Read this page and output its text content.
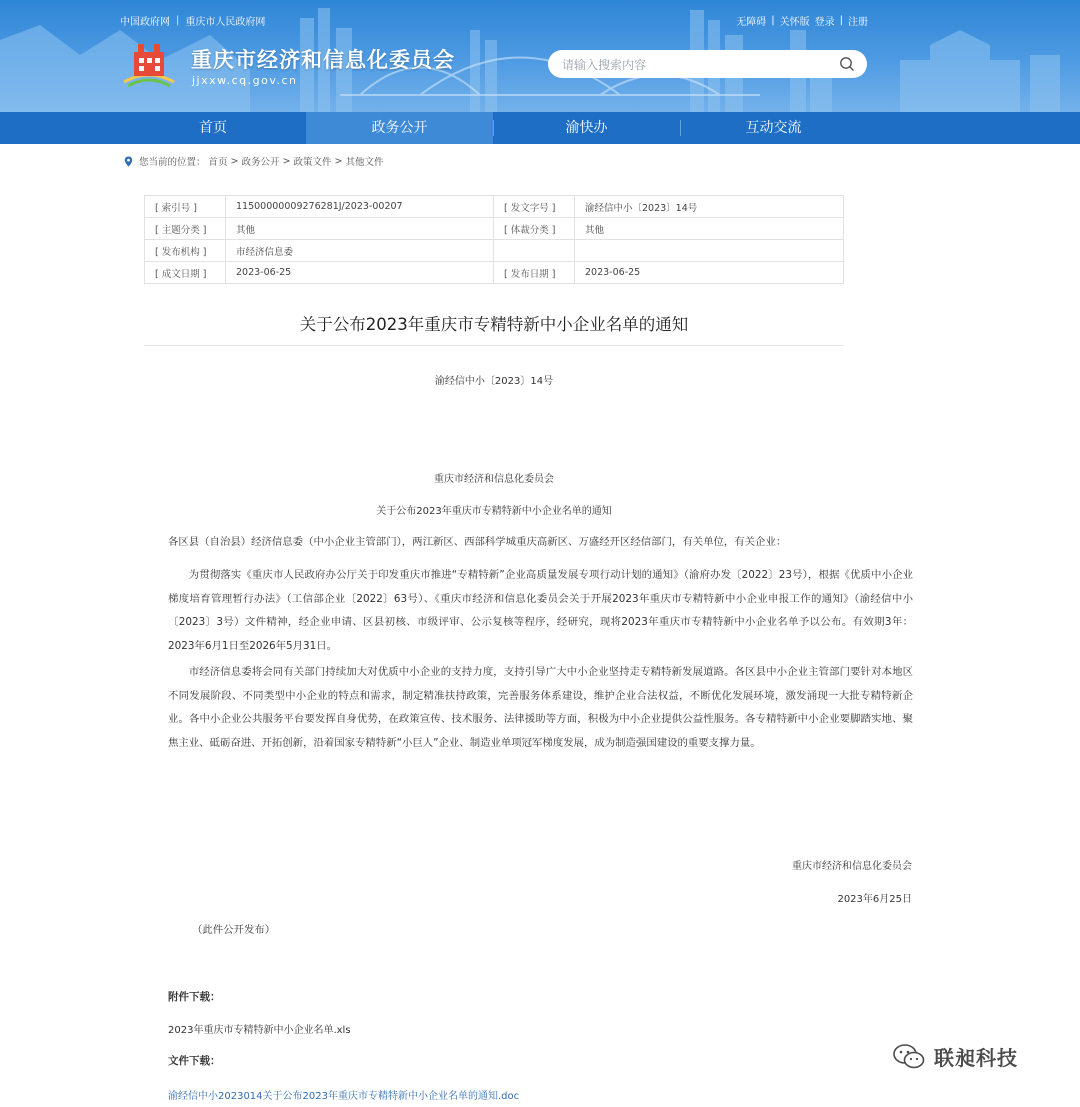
中国政府网 | 重庆市人民政府网	无障碍 | 关怀版 登录 | 注册
重庆市经济和信息化委员会
jjxxw.cq.gov.cn
请输入搜索内容
首页	政务公开	渝快办	互动交流
您当前的位置： 首页 > 政务公开 > 政策文件 > 其他文件
[ 索引号 ]	11500000009276281J/2023-00207	[ 发文字号 ]	渝经信中小〔2023〕14号
[ 主题分类 ]	其他	[ 体裁分类 ]	其他
[ 发布机构 ]	市经济信息委		
[ 成文日期 ]	2023-06-25	[ 发布日期 ]	2023-06-25
关于公布2023年重庆市专精特新中小企业名单的通知
渝经信中小〔2023〕14号
重庆市经济和信息化委员会
关于公布2023年重庆市专精特新中小企业名单的通知

各区县（自治县）经济信息委（中小企业主管部门），两江新区、西部科学城重庆高新区、万盛经开区经信部门，有关单位，有关企业：

为贯彻落实《重庆市人民政府办公厅关于印发重庆市推进“专精特新”企业高质量发展专项行动计划的通知》（渝府办发〔2022〕23号），根据《优质中小企业梯度培育管理暂行办法》（工信部企业〔2022〕63号）、《重庆市经济和信息化委员会关于开展2023年重庆市专精特新中小企业申报工作的通知》（渝经信中小〔2023〕3号）文件精神，经企业申请、区县初核、市级评审、公示复核等程序，经研究，现将2023年重庆市专精特新中小企业名单予以公布。有效期3年：2023年6月1日至2026年5月31日。

市经济信息委将会同有关部门持续加大对优质中小企业的支持力度，支持引导广大中小企业坚持走专精特新发展道路。各区县中小企业主管部门要针对本地区不同发展阶段、不同类型中小企业的特点和需求，制定精准扶持政策，完善服务体系建设，维护企业合法权益，不断优化发展环境，激发涌现一大批专精特新企业。各中小企业公共服务平台要发挥自身优势，在政策宣传、技术服务、法律援助等方面，积极为中小企业提供公益性服务。各专精特新中小企业要脚踏实地、聚焦主业、砥砺奋进、开拓创新，沿着国家专精特新“小巨人”企业、制造业单项冠军梯度发展，成为制造强国建设的重要支撑力量。

重庆市经济和信息化委员会
2023年6月25日
（此件公开发布）
附件下载：
2023年重庆市专精特新中小企业名单.xls
文件下载：
渝经信中小2023014关于公布2023年重庆市专精特新中小企业名单的通知.doc
联昶科技
